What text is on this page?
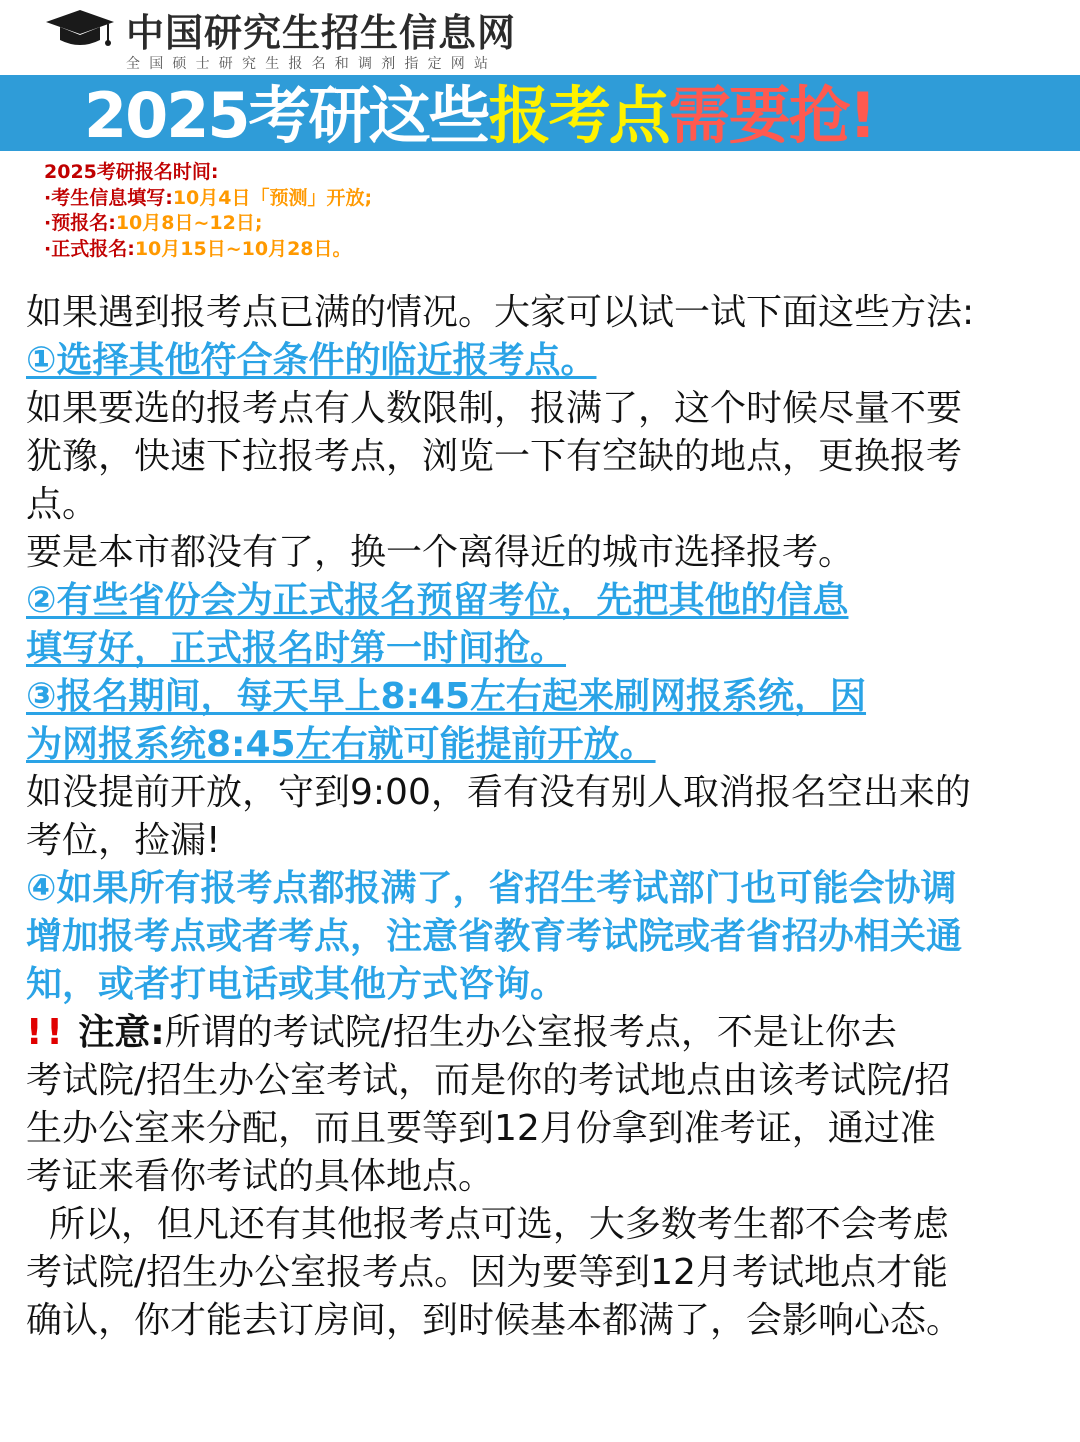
中国研究生招生信息网
全国硕士研究生报名和调剂指定网站
2025考研这些报考点需要抢!
2025考研报名时间:
·考生信息填写:10月4日「预测」开放;
·预报名:10月8日~12日;
·正式报名:10月15日~10月28日。
如果遇到报考点已满的情况。大家可以试一试下面这些方法:
①选择其他符合条件的临近报考点。
如果要选的报考点有人数限制，报满了，这个时候尽量不要
犹豫，快速下拉报考点，浏览一下有空缺的地点，更换报考
点。
要是本市都没有了，换一个离得近的城市选择报考。
②有些省份会为正式报名预留考位，先把其他的信息
填写好，正式报名时第一时间抢。
③报名期间，每天早上8:45左右起来刷网报系统，因
为网报系统8:45左右就可能提前开放。
如没提前开放，守到9:00，看有没有别人取消报名空出来的
考位，捡漏!
④如果所有报考点都报满了，省招生考试部门也可能会协调
增加报考点或者考点，注意省教育考试院或者省招办相关通
知，或者打电话或其他方式咨询。
!! 注意:所谓的考试院/招生办公室报考点，不是让你去
考试院/招生办公室考试，而是你的考试地点由该考试院/招
生办公室来分配，而且要等到12月份拿到准考证，通过准
考证来看你考试的具体地点。
所以，但凡还有其他报考点可选，大多数考生都不会考虑
考试院/招生办公室报考点。因为要等到12月考试地点才能
确认，你才能去订房间，到时候基本都满了，会影响心态。
